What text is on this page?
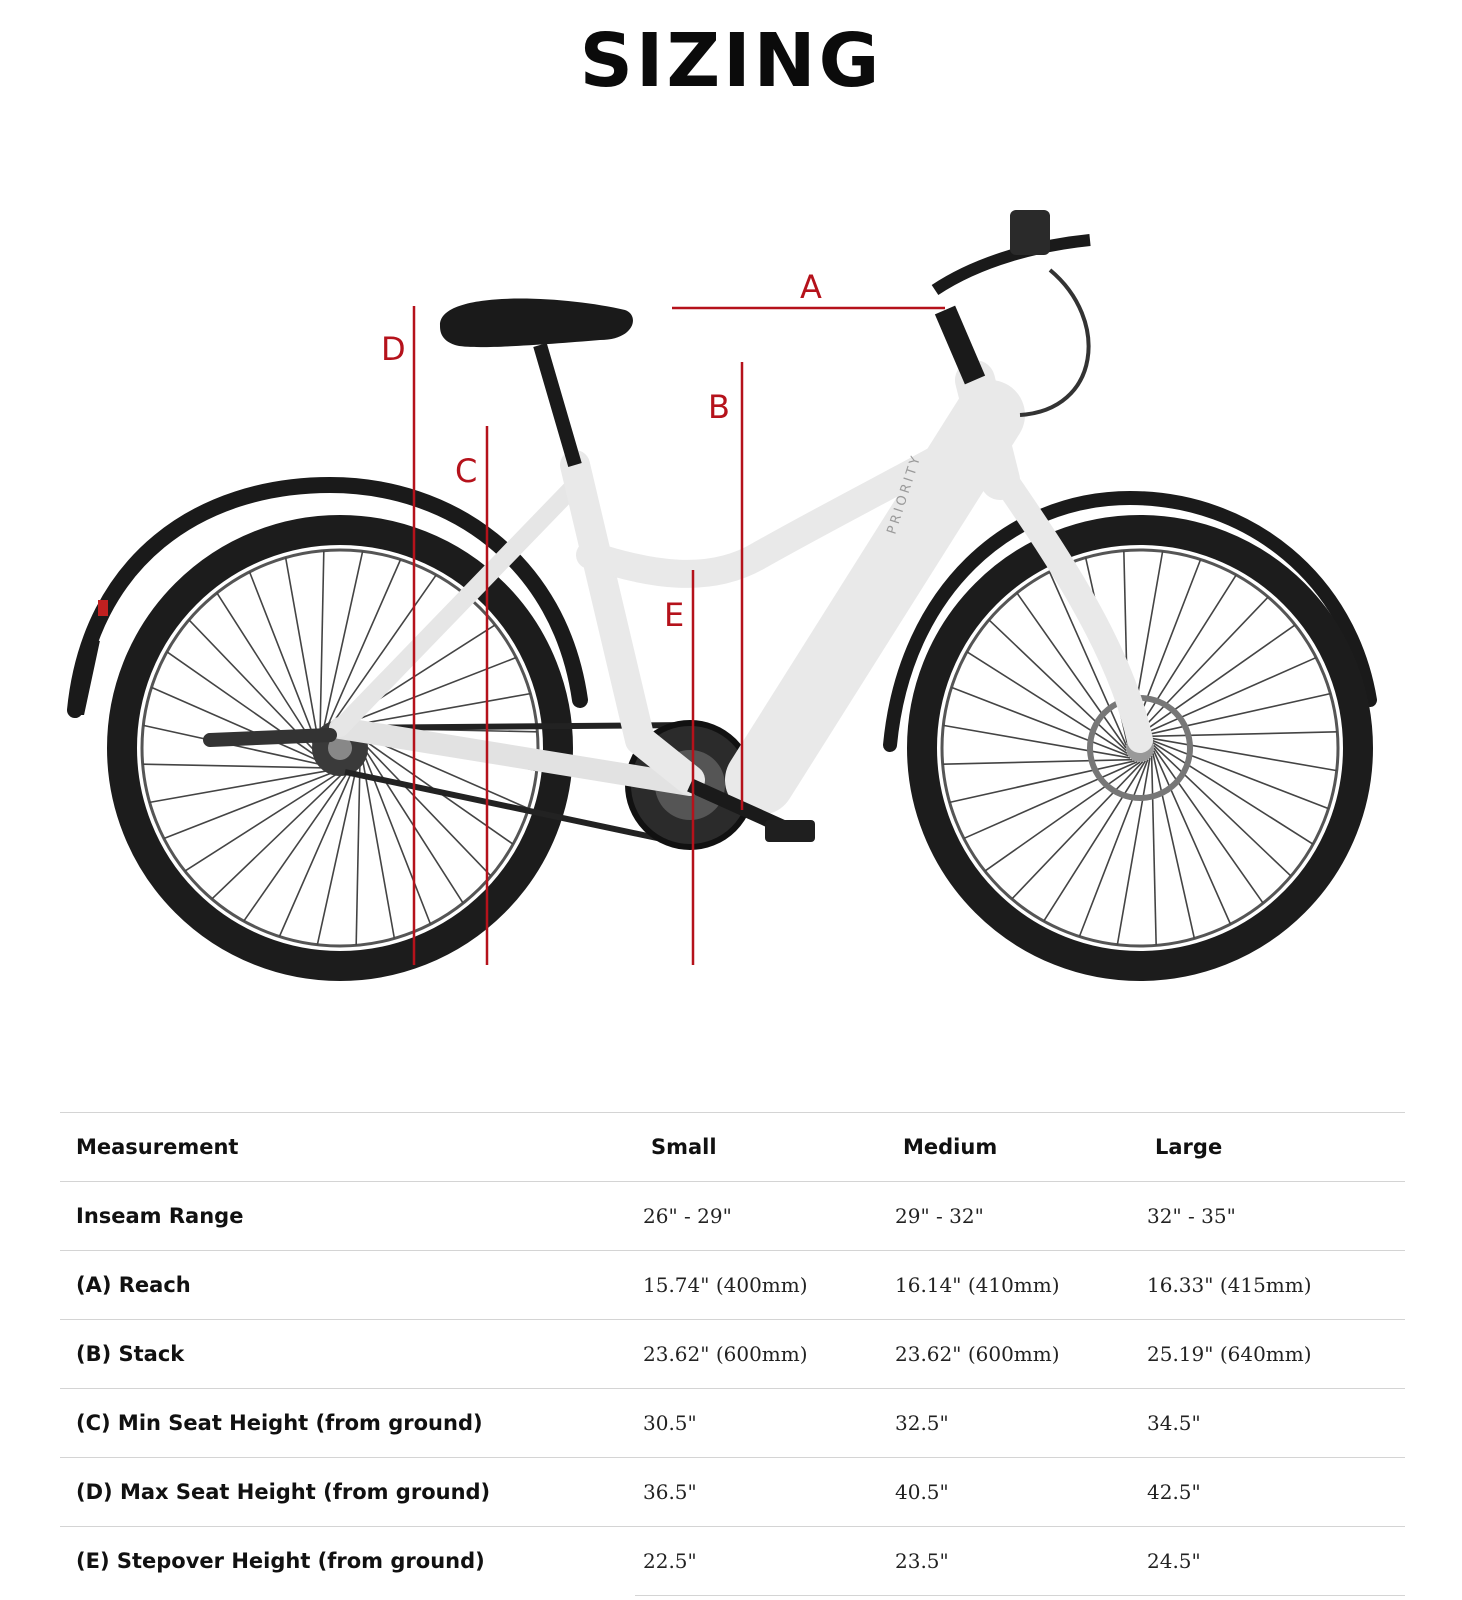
SIZING
PRIORITY
A
B
C
D
E
Measurement	Small	Medium	Large
Inseam Range	26" - 29"	29" - 32"	32" - 35"
(A) Reach	15.74" (400mm)	16.14" (410mm)	16.33" (415mm)
(B) Stack	23.62" (600mm)	23.62" (600mm)	25.19" (640mm)
(C) Min Seat Height (from ground)	30.5"	32.5"	34.5"
(D) Max Seat Height (from ground)	36.5"	40.5"	42.5"
(E) Stepover Height (from ground)	22.5"	23.5"	24.5"
